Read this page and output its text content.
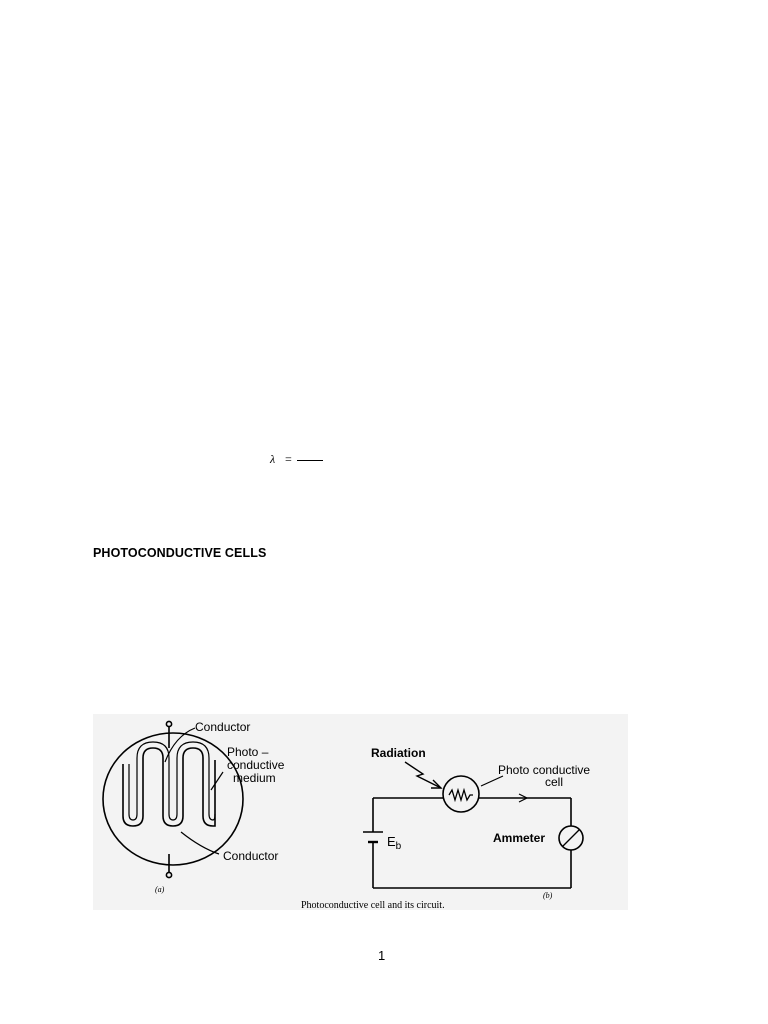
λ =
PHOTOCONDUCTIVE CELLS
Conductor
Photo –
conductive
medium
Conductor
(a)
Radiation
Photo conductive
cell
$E_b$
Ammeter
(b)
Photoconductive cell and its circuit.
1
